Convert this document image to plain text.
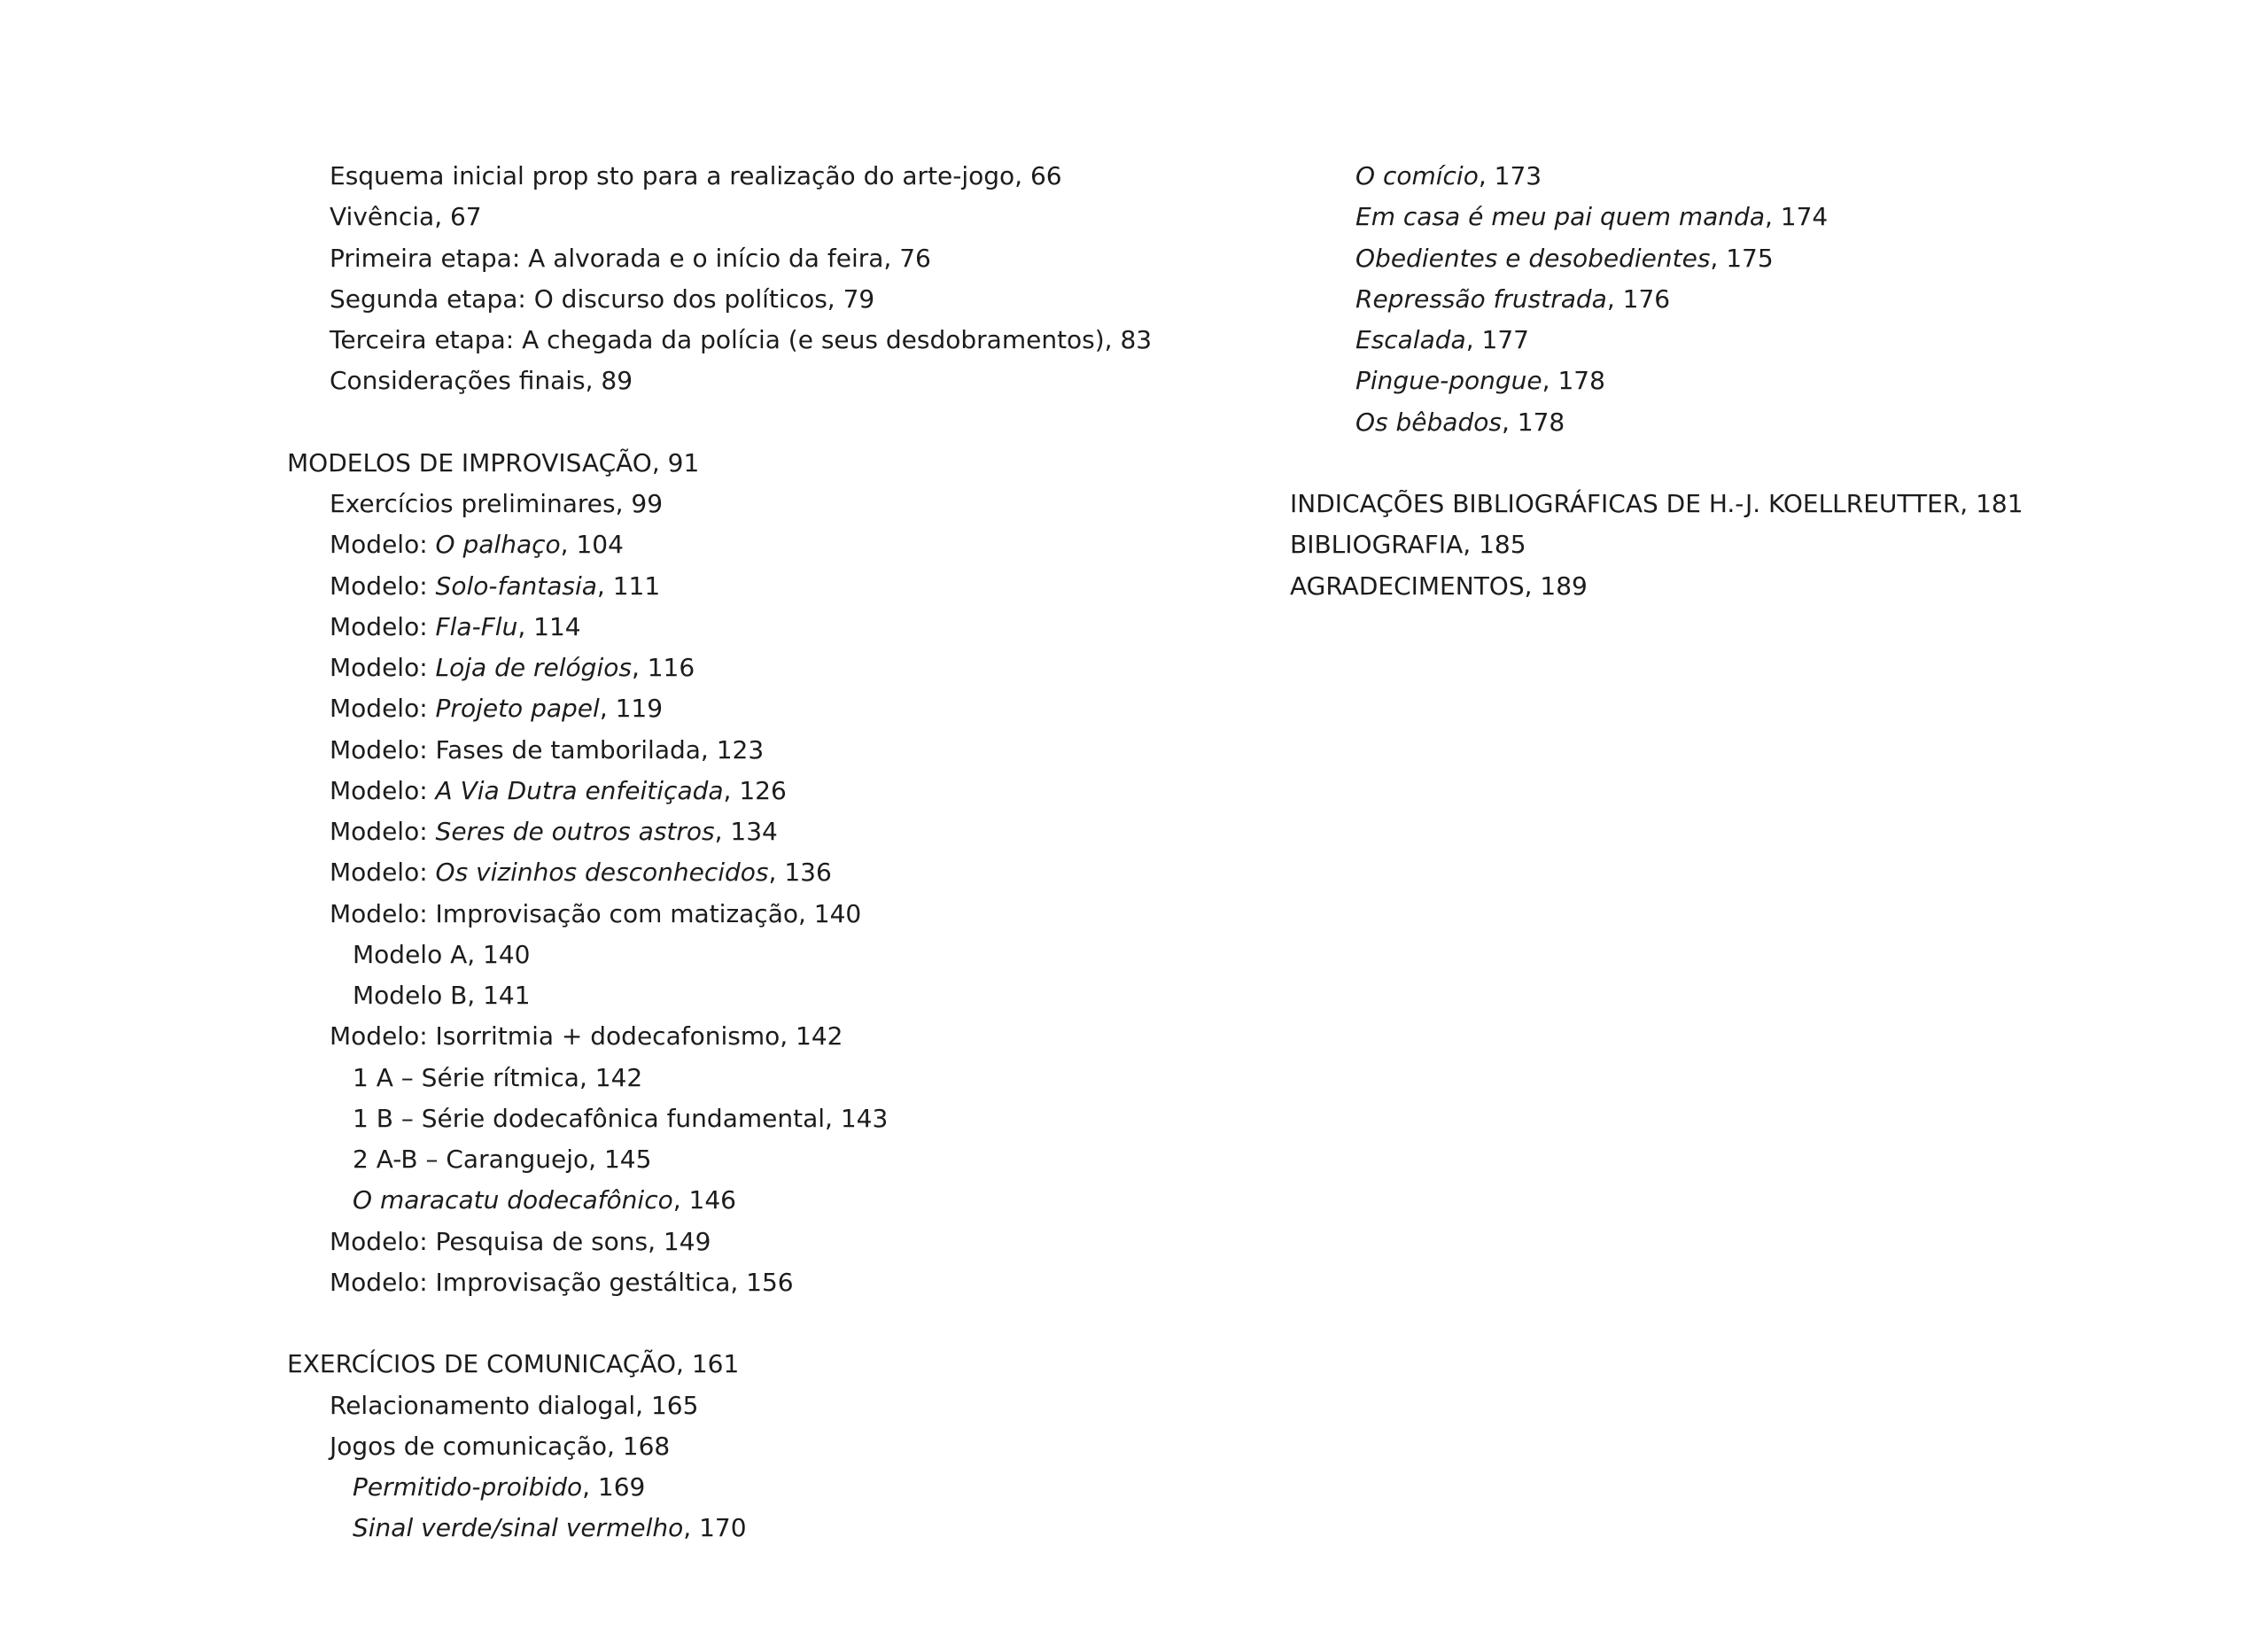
Esquema inicial prop sto para a realização do arte-jogo, 66
Vivência, 67
Primeira etapa: A alvorada e o início da feira, 76
Segunda etapa: O discurso dos políticos, 79
Terceira etapa: A chegada da polícia (e seus desdobramentos), 83
Considerações finais, 89
MODELOS DE IMPROVISAÇÃO, 91
Exercícios preliminares, 99
Modelo: O palhaço, 104
Modelo: Solo-fantasia, 111
Modelo: Fla-Flu, 114
Modelo: Loja de relógios, 116
Modelo: Projeto papel, 119
Modelo: Fases de tamborilada, 123
Modelo: A Via Dutra enfeitiçada, 126
Modelo: Seres de outros astros, 134
Modelo: Os vizinhos desconhecidos, 136
Modelo: Improvisação com matização, 140
Modelo A, 140
Modelo B, 141
Modelo: Isorritmia + dodecafonismo, 142
1 A – Série rítmica, 142
1 B – Série dodecafônica fundamental, 143
2 A-B – Caranguejo, 145
O maracatu dodecafônico, 146
Modelo: Pesquisa de sons, 149
Modelo: Improvisação gestáltica, 156
EXERCÍCIOS DE COMUNICAÇÃO, 161
Relacionamento dialogal, 165
Jogos de comunicação, 168
Permitido-proibido, 169
Sinal verde/sinal vermelho, 170
O comício, 173
Em casa é meu pai quem manda, 174
Obedientes e desobedientes, 175
Repressão frustrada, 176
Escalada, 177
Pingue-pongue, 178
Os bêbados, 178
INDICAÇÕES BIBLIOGRÁFICAS DE H.-J. KOELLREUTTER, 181
BIBLIOGRAFIA, 185
AGRADECIMENTOS, 189
